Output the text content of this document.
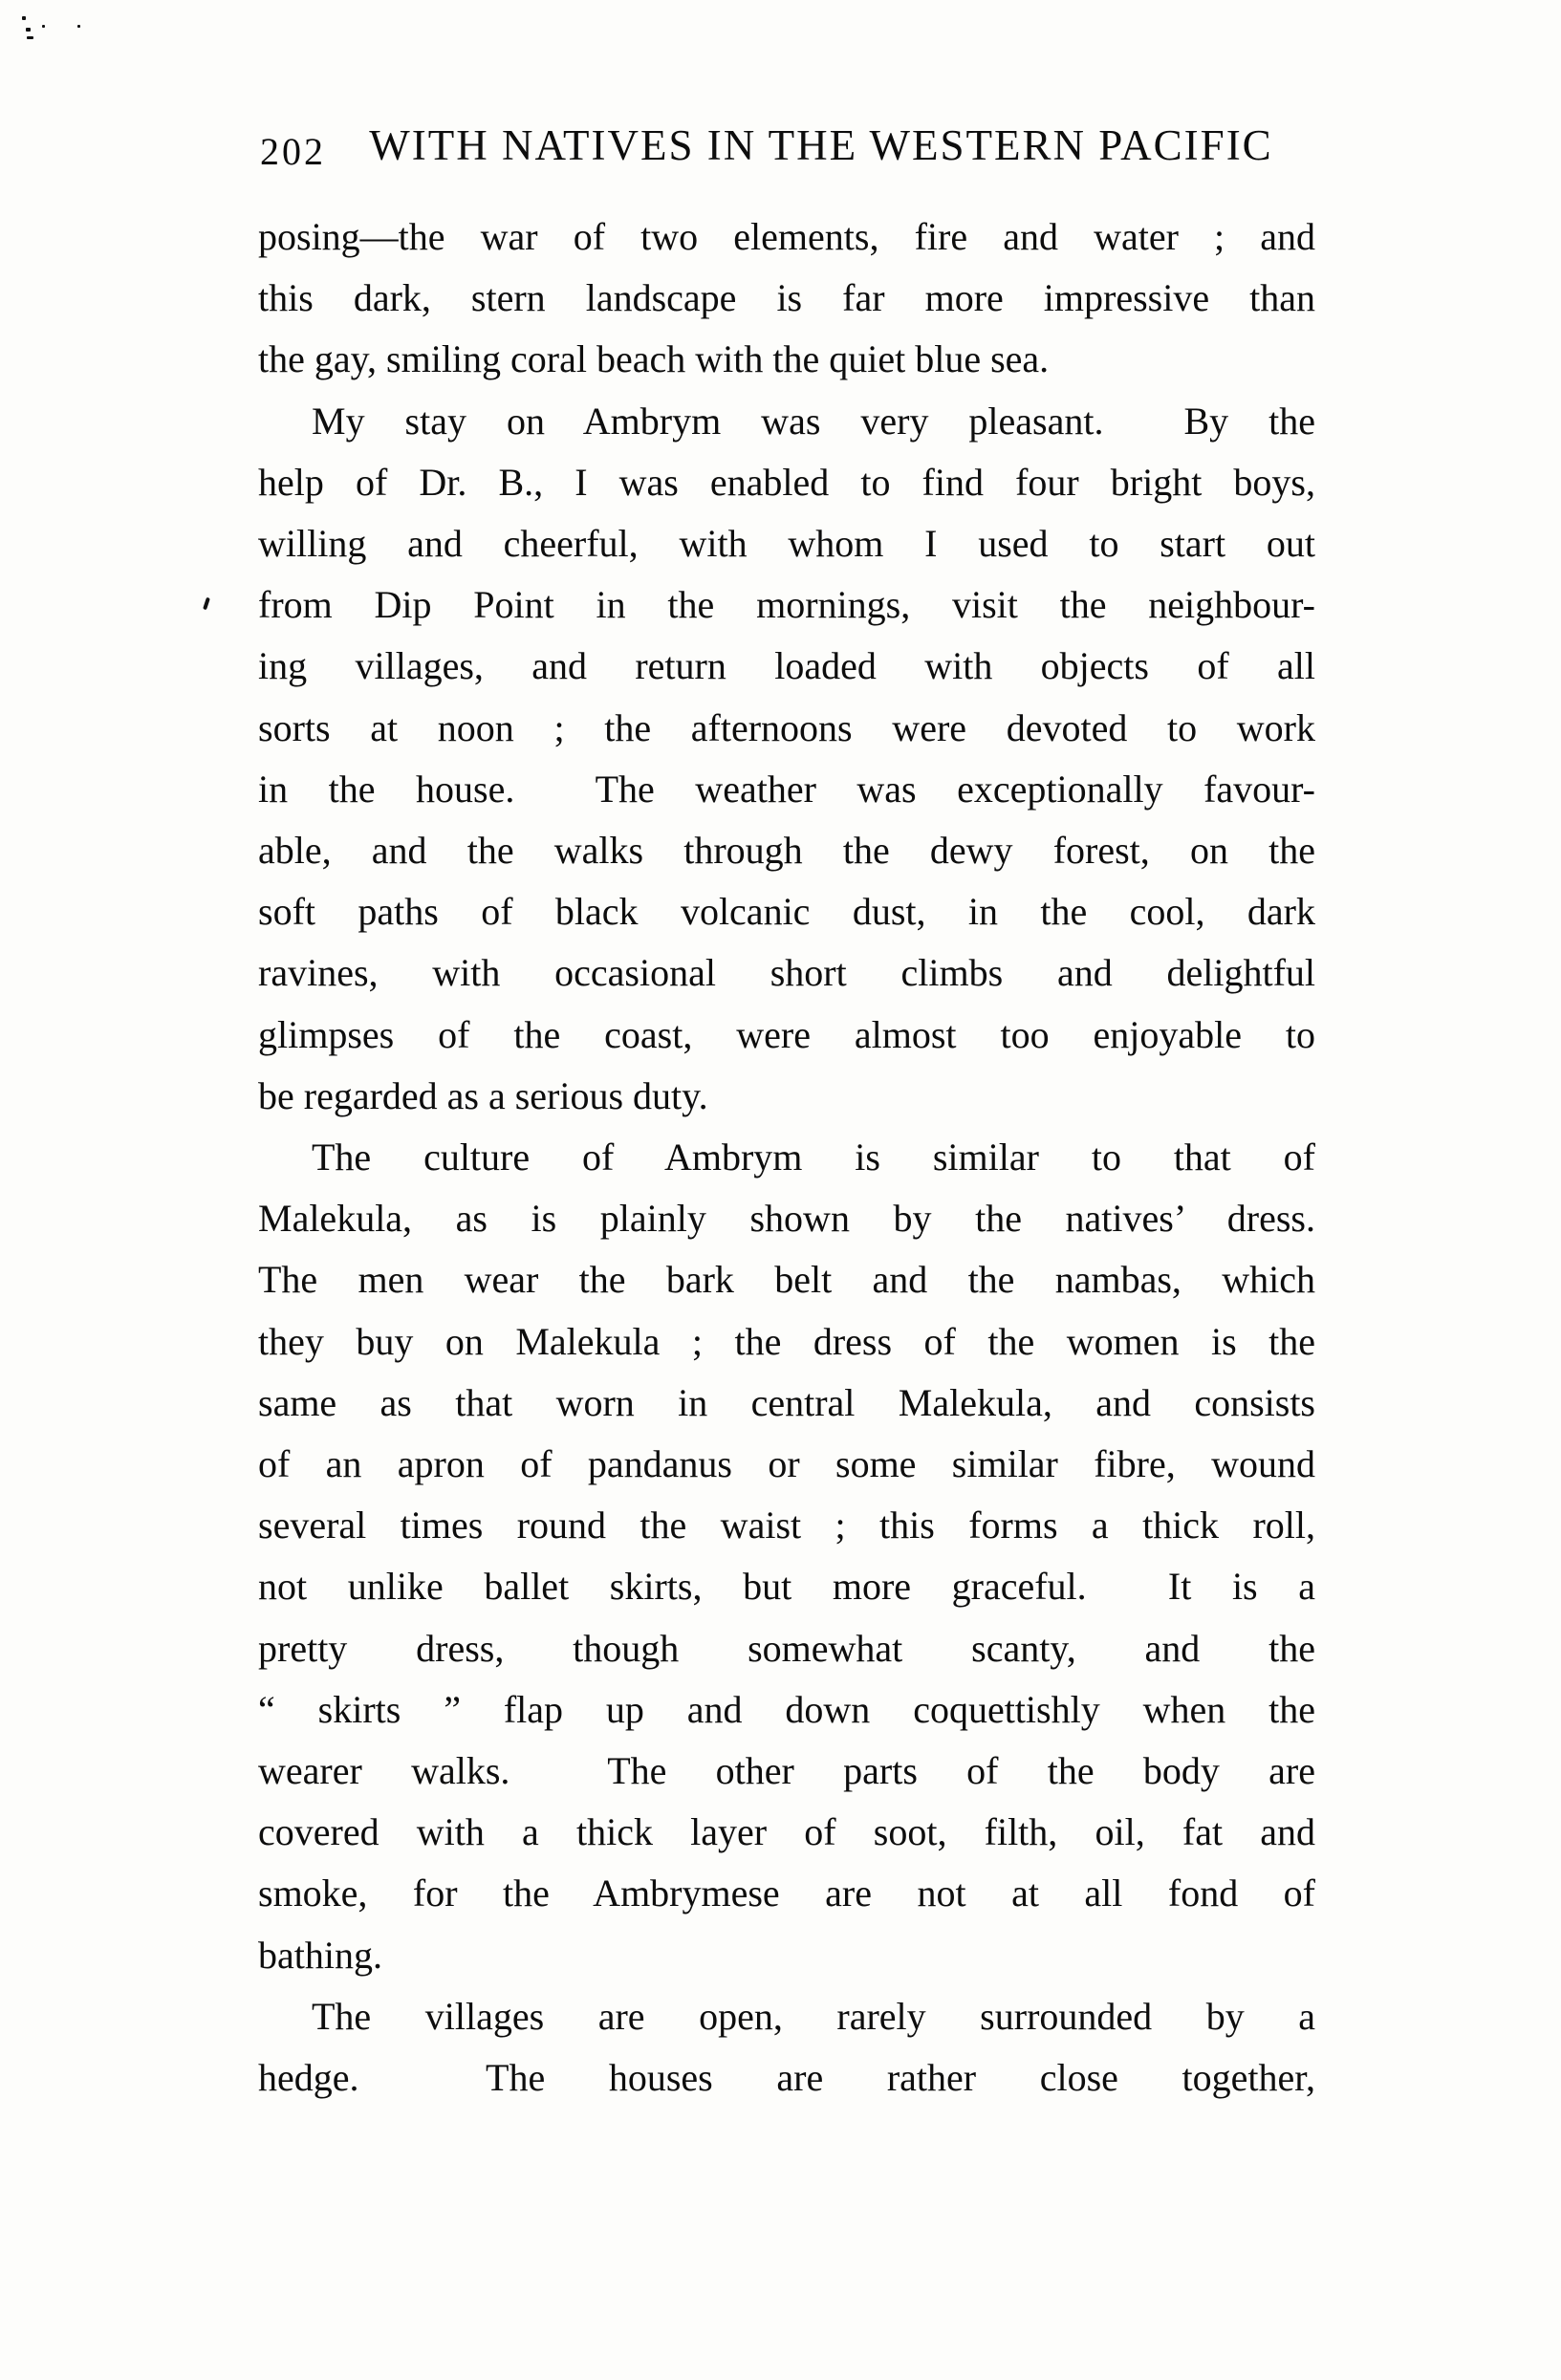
202	WITH NATIVES IN THE WESTERN PACIFIC
posing—the war of two elements, fire and water ; and
this dark, stern landscape is far more impressive than
the gay, smiling coral beach with the quiet blue sea.
My stay on Ambrym was very pleasant.  By the
help of Dr. B., I was enabled to find four bright boys,
willing and cheerful, with whom I used to start out
from Dip Point in the mornings, visit the neighbour-
ing villages, and return loaded with objects of all
sorts at noon ; the afternoons were devoted to work
in the house.  The weather was exceptionally favour-
able, and the walks through the dewy forest, on the
soft paths of black volcanic dust, in the cool, dark
ravines, with occasional short climbs and delightful
glimpses of the coast, were almost too enjoyable to
be regarded as a serious duty.
The culture of Ambrym is similar to that of
Malekula, as is plainly shown by the natives’ dress.
The men wear the bark belt and the nambas, which
they buy on Malekula ; the dress of the women is the
same as that worn in central Malekula, and consists
of an apron of pandanus or some similar fibre, wound
several times round the waist ; this forms a thick roll,
not unlike ballet skirts, but more graceful.  It is a
pretty dress, though somewhat scanty, and the
“ skirts ” flap up and down coquettishly when the
wearer walks.  The other parts of the body are
covered with a thick layer of soot, filth, oil, fat and
smoke, for the Ambrymese are not at all fond of
bathing.
The villages are open, rarely surrounded by a
hedge.  The houses are rather close together,
